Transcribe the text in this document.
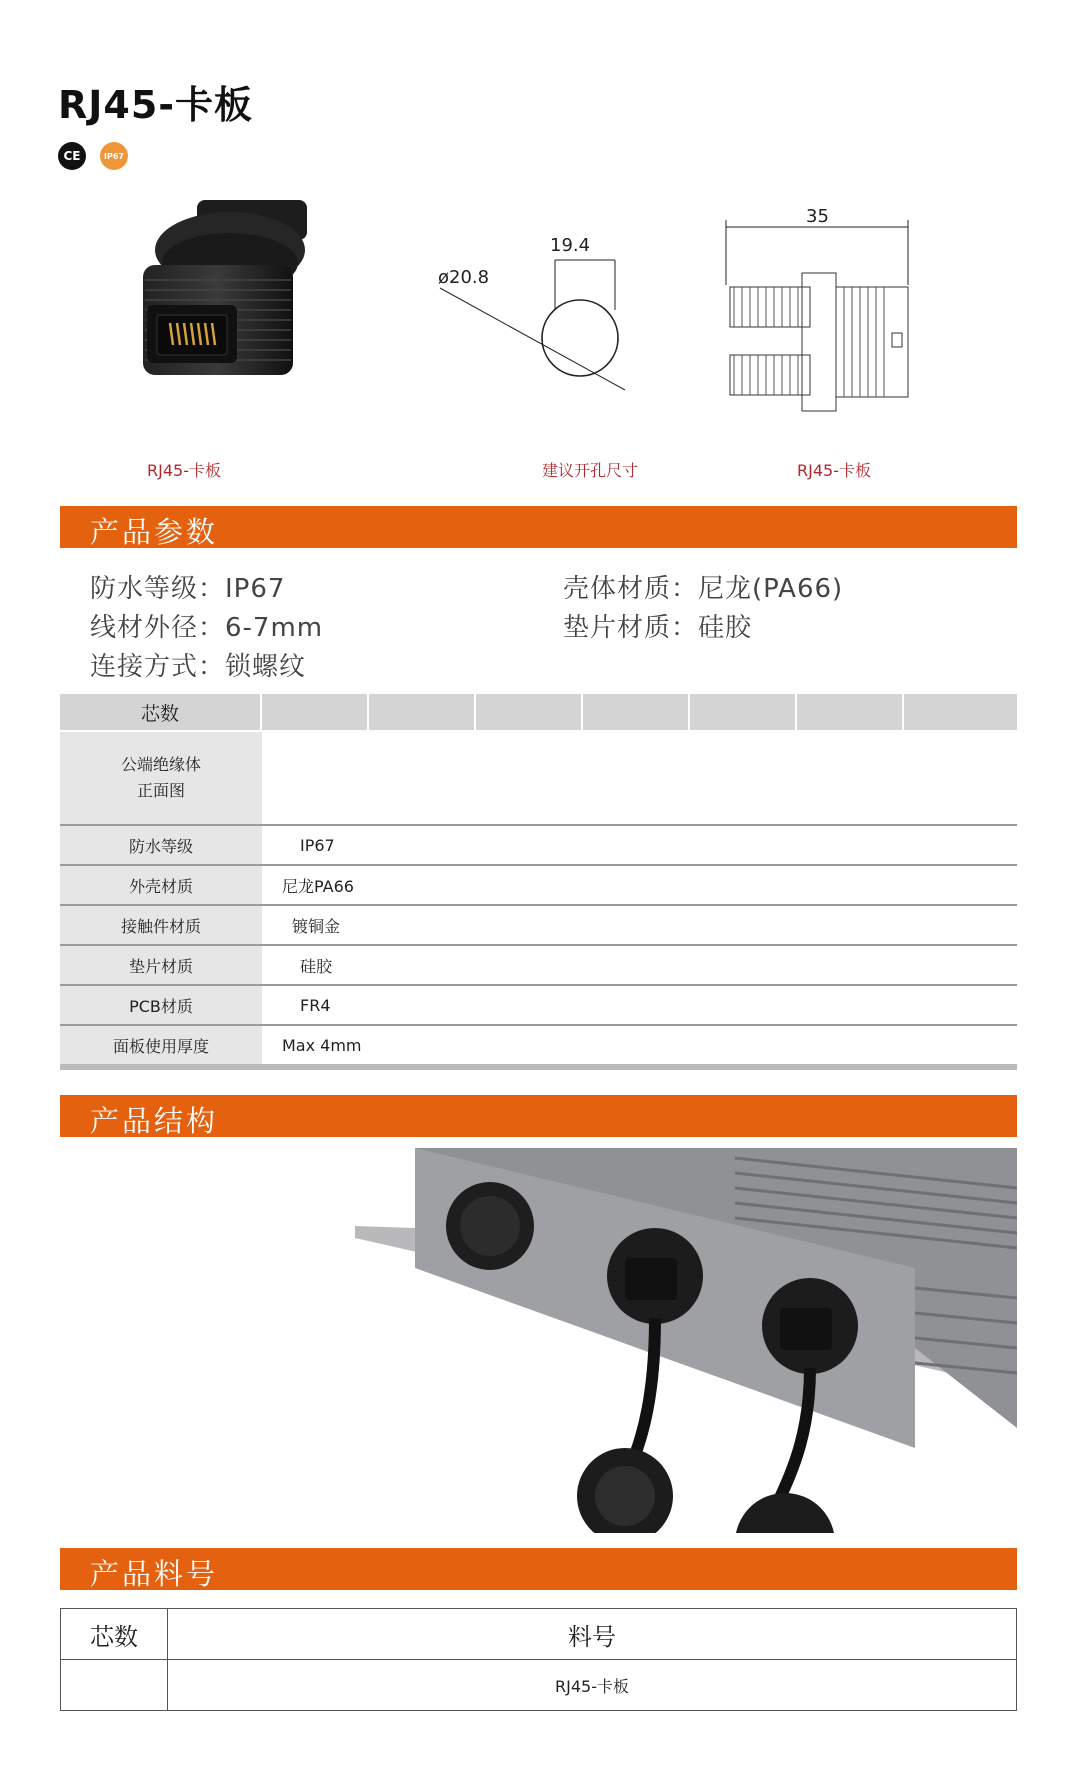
RJ45-卡板
CE	IP67
19.4
ø20.8
35
RJ45-卡板	建议开孔尺寸	RJ45-卡板
产品参数
防水等级：IP67
线材外径：6-7mm
连接方式：锁螺纹
壳体材质：尼龙(PA66)
垫片材质：硅胶
芯数
公端绝缘体
正面图	
防水等级	IP67
外壳材质	尼龙PA66
接触件材质	镀铜金
垫片材质	硅胶
PCB材质	FR4
面板使用厚度	Max 4mm
产品结构
产品料号
芯数	料号
	RJ45-卡板
